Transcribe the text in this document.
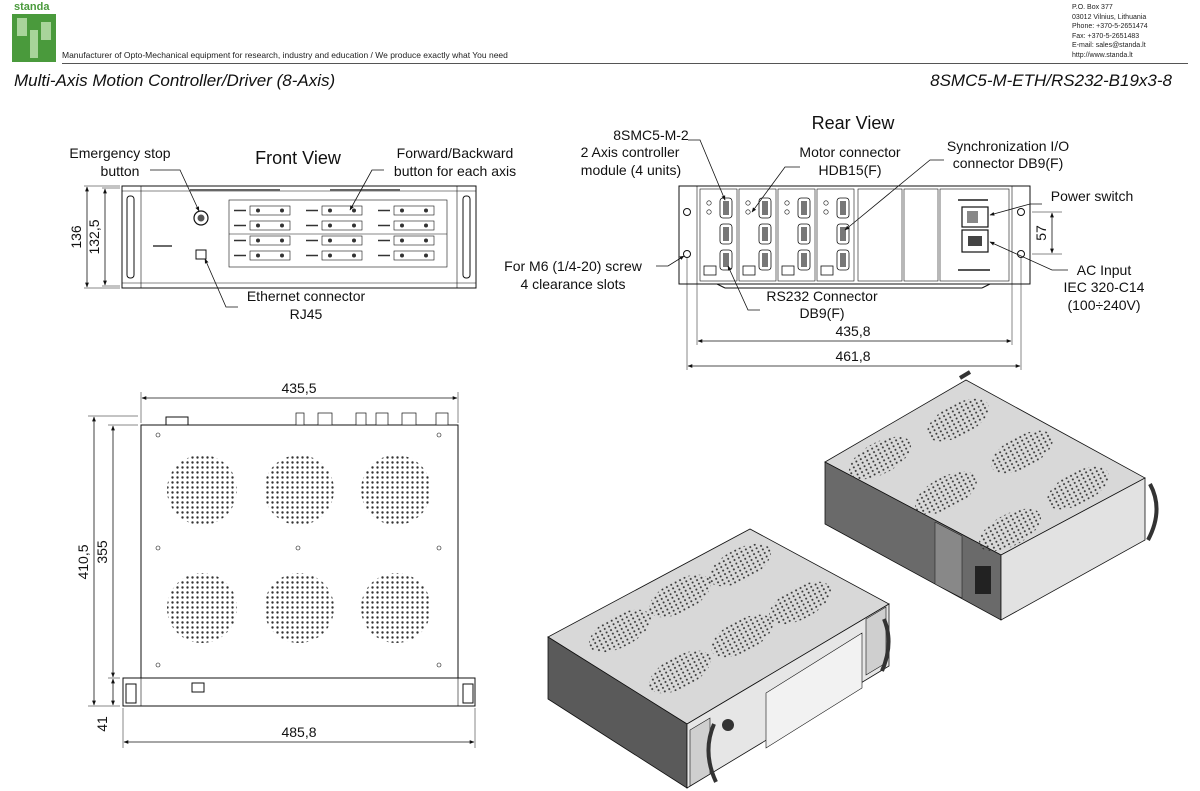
standa
Manufacturer of Opto-Mechanical equipment for research, industry and education / We produce exactly what You need
P.O. Box 377
03012 Vilnius, Lithuania
Phone: +370-5-2651474
Fax: +370-5-2651483
E-mail: sales@standa.lt
http://www.standa.lt
Multi-Axis Motion Controller/Driver (8-Axis)	8SMC5-M-ETH/RS232-B19x3-8
Front View
Emergency stop
button
Forward/Backward
button for each axis
Ethernet connector
RJ45
136 132,5
Rear View
8SMC5-M-2
2 Axis controller
module (4 units)
Motor connector
HDB15(F)
Synchronization I/O
connector DB9(F)
Power switch
AC Input
IEC 320-C14
(100÷240V)
For M6 (1/4-20) screw
4 clearance slots
RS232 Connector
DB9(F)
57
435,8
461,8
435,5
410,5 355
41	485,8
